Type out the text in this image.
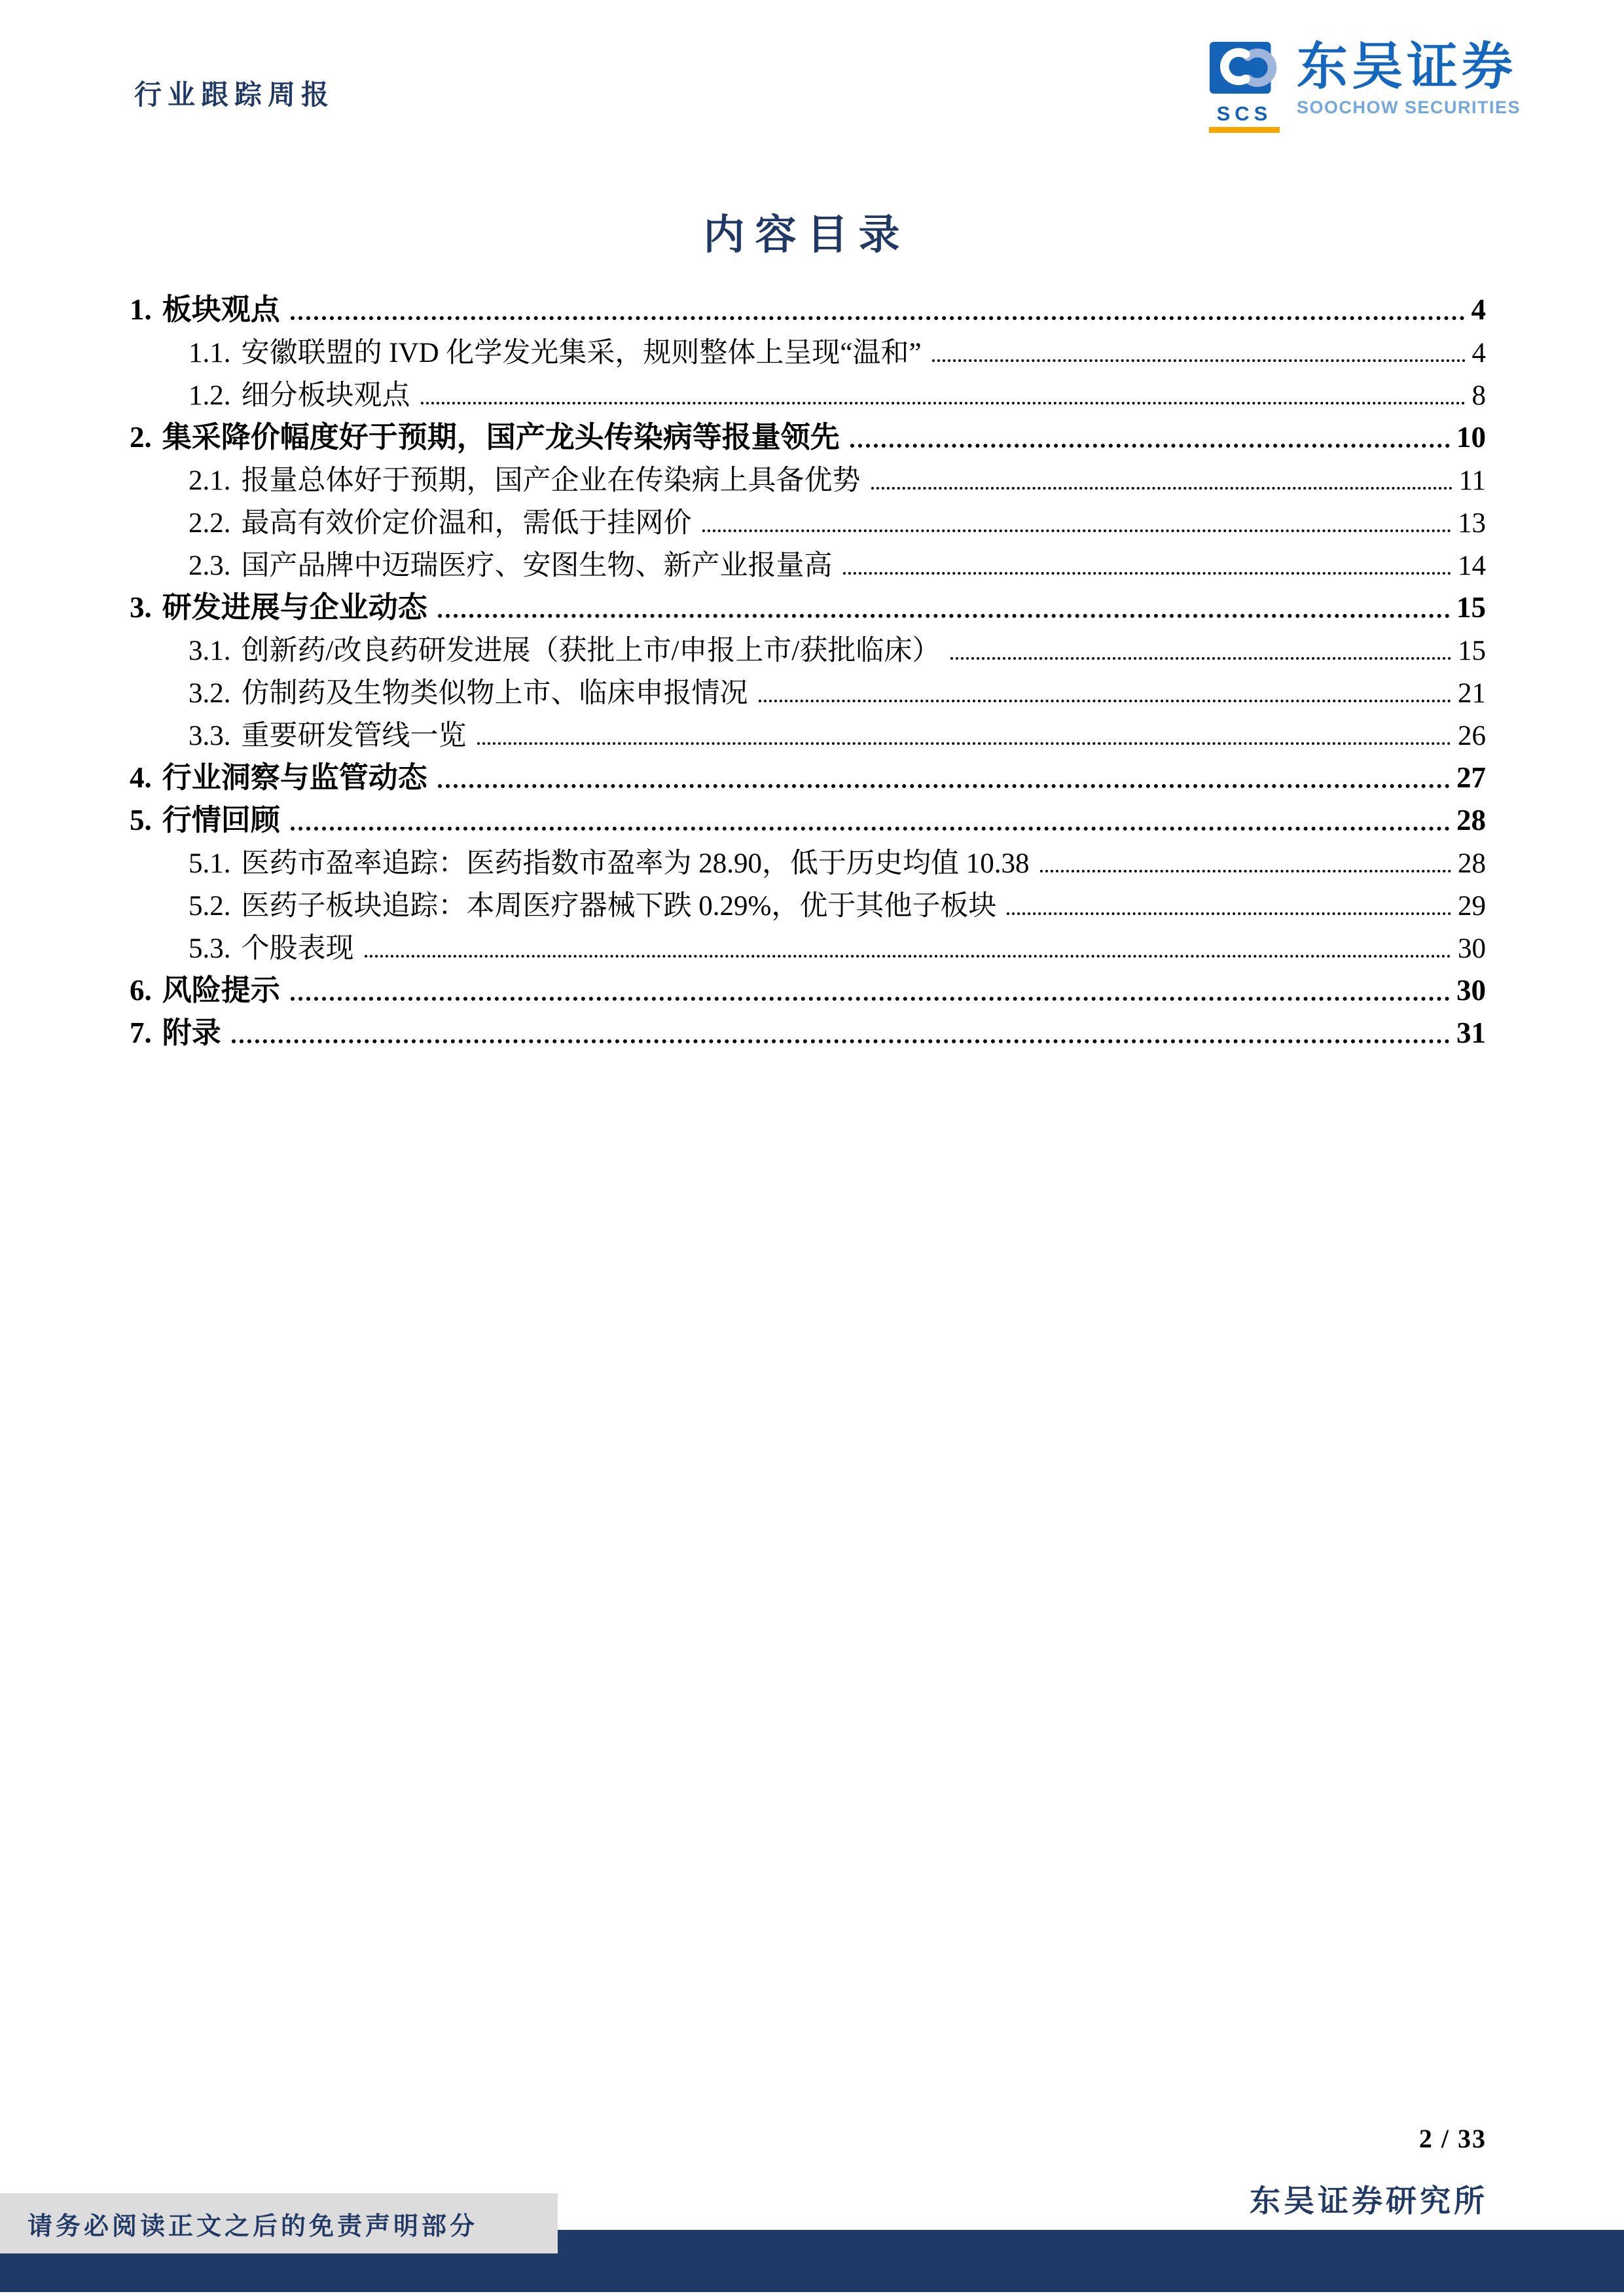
行业跟踪周报
SCS
东吴证券
SOOCHOW SECURITIES
内容目录
1. 板块观点	4
1.1. 安徽联盟的 IVD 化学发光集采，规则整体上呈现“温和”	4
1.2. 细分板块观点	8
2. 集采降价幅度好于预期，国产龙头传染病等报量领先	10
2.1. 报量总体好于预期，国产企业在传染病上具备优势	11
2.2. 最高有效价定价温和，需低于挂网价	13
2.3. 国产品牌中迈瑞医疗、安图生物、新产业报量高	14
3. 研发进展与企业动态	15
3.1. 创新药/改良药研发进展（获批上市/申报上市/获批临床）	15
3.2. 仿制药及生物类似物上市、临床申报情况	21
3.3. 重要研发管线一览	26
4. 行业洞察与监管动态	27
5. 行情回顾	28
5.1. 医药市盈率追踪：医药指数市盈率为 28.90，低于历史均值 10.38	28
5.2. 医药子板块追踪：本周医疗器械下跌 0.29%，优于其他子板块	29
5.3. 个股表现	30
6. 风险提示	30
7. 附录	31
2 / 33
东吴证券研究所
请务必阅读正文之后的免责声明部分
